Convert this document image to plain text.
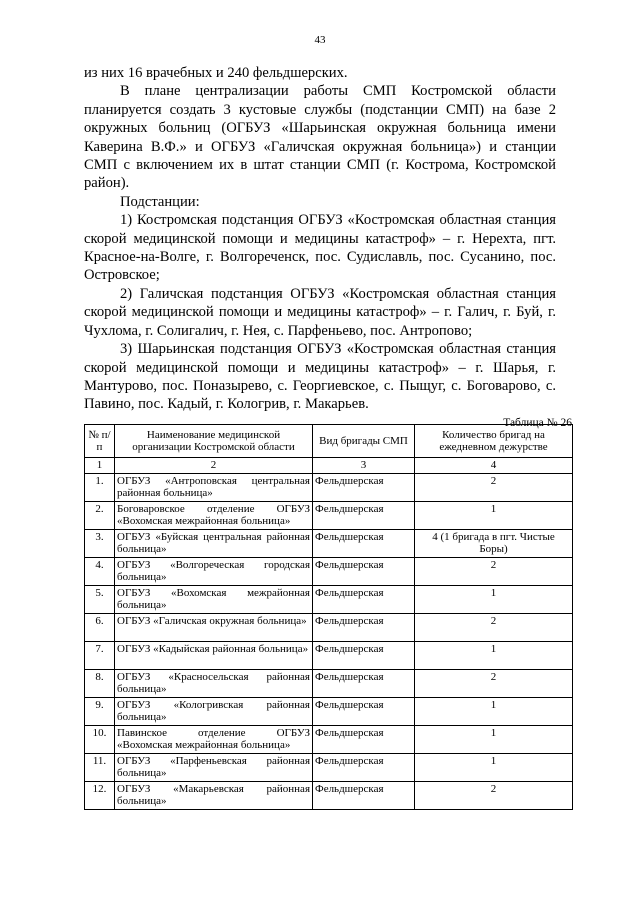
43

из них 16 врачебных и 240 фельдшерских.

В плане централизации работы СМП Костромской области планируется создать 3 кустовые службы (подстанции СМП) на базе 2 окружных больниц (ОГБУЗ «Шарьинская окружная больница имени Каверина В.Ф.» и ОГБУЗ «Галичская окружная больница») и станции СМП с включением их в штат станции СМП (г. Кострома, Костромской район).

Подстанции:

1) Костромская подстанция ОГБУЗ «Костромская областная станция скорой медицинской помощи и медицины катастроф» – г. Нерехта, пгт. Красное-на-Волге, г. Волгореченск, пос. Судиславль, пос. Сусанино, пос. Островское;

2) Галичская подстанция ОГБУЗ «Костромская областная станция скорой медицинской помощи и медицины катастроф» – г. Галич, г. Буй, г. Чухлома, г. Солигалич, г. Нея, с. Парфеньево, пос. Антропово;

3) Шарьинская подстанция ОГБУЗ «Костромская областная станция скорой медицинской помощи и медицины катастроф» – г. Шарья, г. Мантурово, пос. Поназырево, с. Георгиевское, с. Пыщуг, с. Боговарово, с. Павино, пос. Кадый, г. Кологрив, г. Макарьев.

Таблица № 26
№ п/п	Наименование медицинской организации Костромской области	Вид бригады СМП	Количество бригад на ежедневном дежурстве
1	2	3	4
1.	ОГБУЗ «Антроповская центральная районная больница»	Фельдшерская	2
2.	Боговаровское отделение ОГБУЗ «Вохомская межрайонная больница»	Фельдшерская	1
3.	ОГБУЗ «Буйская центральная районная больница»	Фельдшерская	4 (1 бригада в пгт. Чистые Боры)
4.	ОГБУЗ «Волгореческая городская больница»	Фельдшерская	2
5.	ОГБУЗ «Вохомская межрайонная больница»	Фельдшерская	1
6.	ОГБУЗ «Галичская окружная больница»	Фельдшерская	2
7.	ОГБУЗ «Кадыйская районная больница»	Фельдшерская	1
8.	ОГБУЗ «Красносельская районная больница»	Фельдшерская	2
9.	ОГБУЗ «Кологривская районная больница»	Фельдшерская	1
10.	Павинское отделение ОГБУЗ «Вохомская межрайонная больница»	Фельдшерская	1
11.	ОГБУЗ «Парфеньевская районная больница»	Фельдшерская	1
12.	ОГБУЗ «Макарьевская районная больница»	Фельдшерская	2
